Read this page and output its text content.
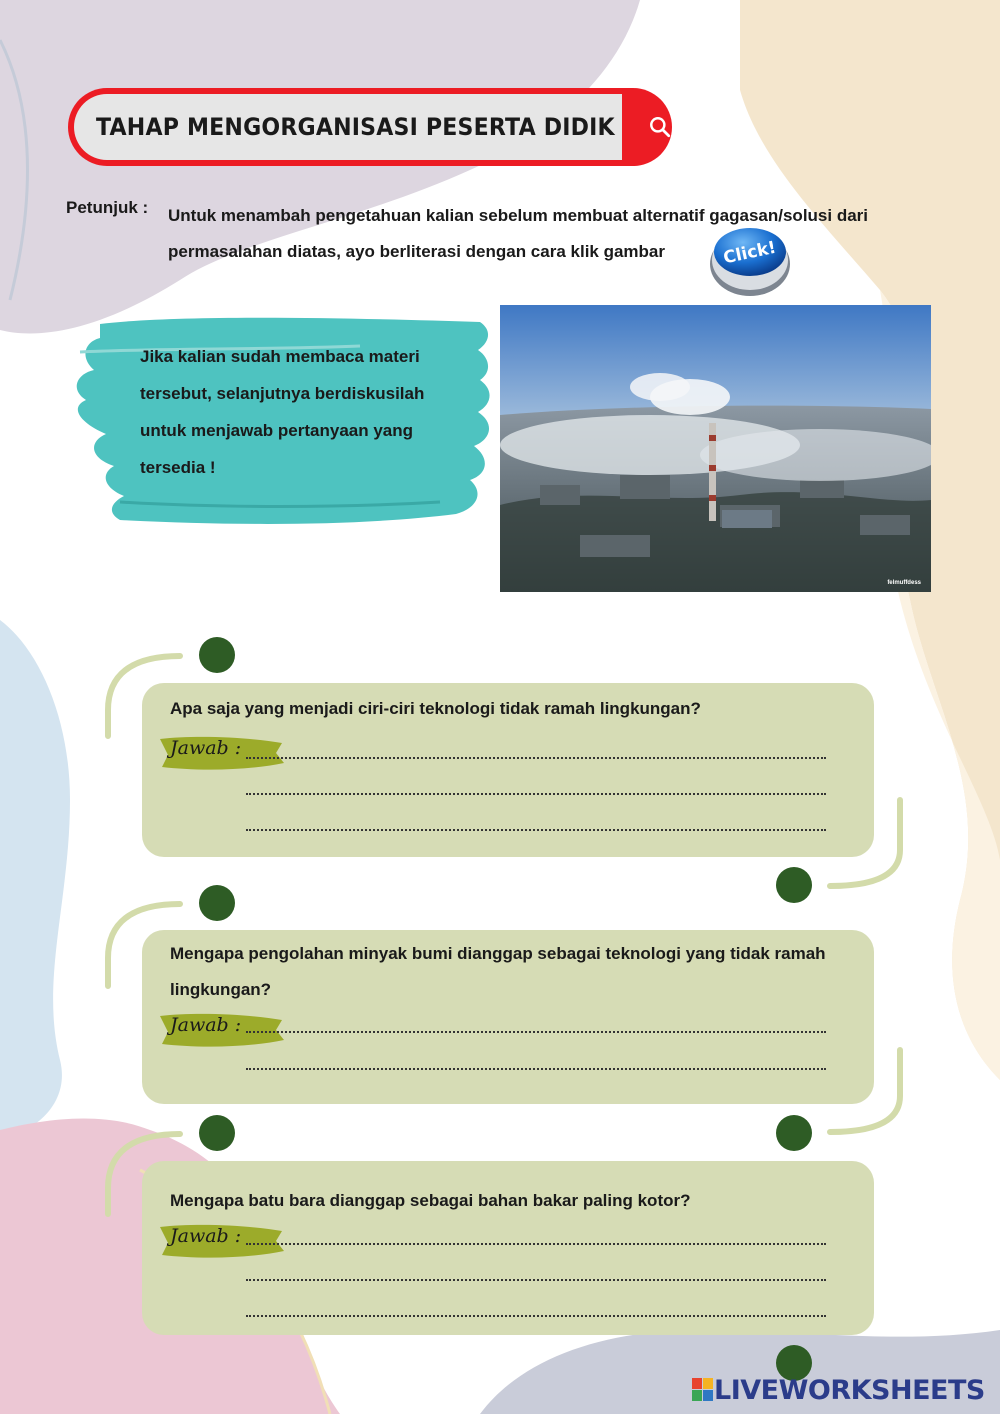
TAHAP MENGORGANISASI PESERTA DIDIK
Petunjuk : Untuk menambah pengetahuan kalian sebelum membuat alternatif gagasan/solusi dari permasalahan diatas, ayo berliterasi dengan cara klik gambar	Click!
Jika kalian sudah membaca materi tersebut, selanjutnya berdiskusilah untuk menjawab pertanyaan yang tersedia !
felmuffdess
Apa saja yang menjadi ciri-ciri teknologi tidak ramah lingkungan?
Jawab :
Mengapa pengolahan minyak bumi dianggap sebagai teknologi yang tidak ramah lingkungan?
Jawab :
Mengapa batu bara dianggap sebagai bahan bakar paling kotor?
Jawab :
LIVEWORKSHEETS
